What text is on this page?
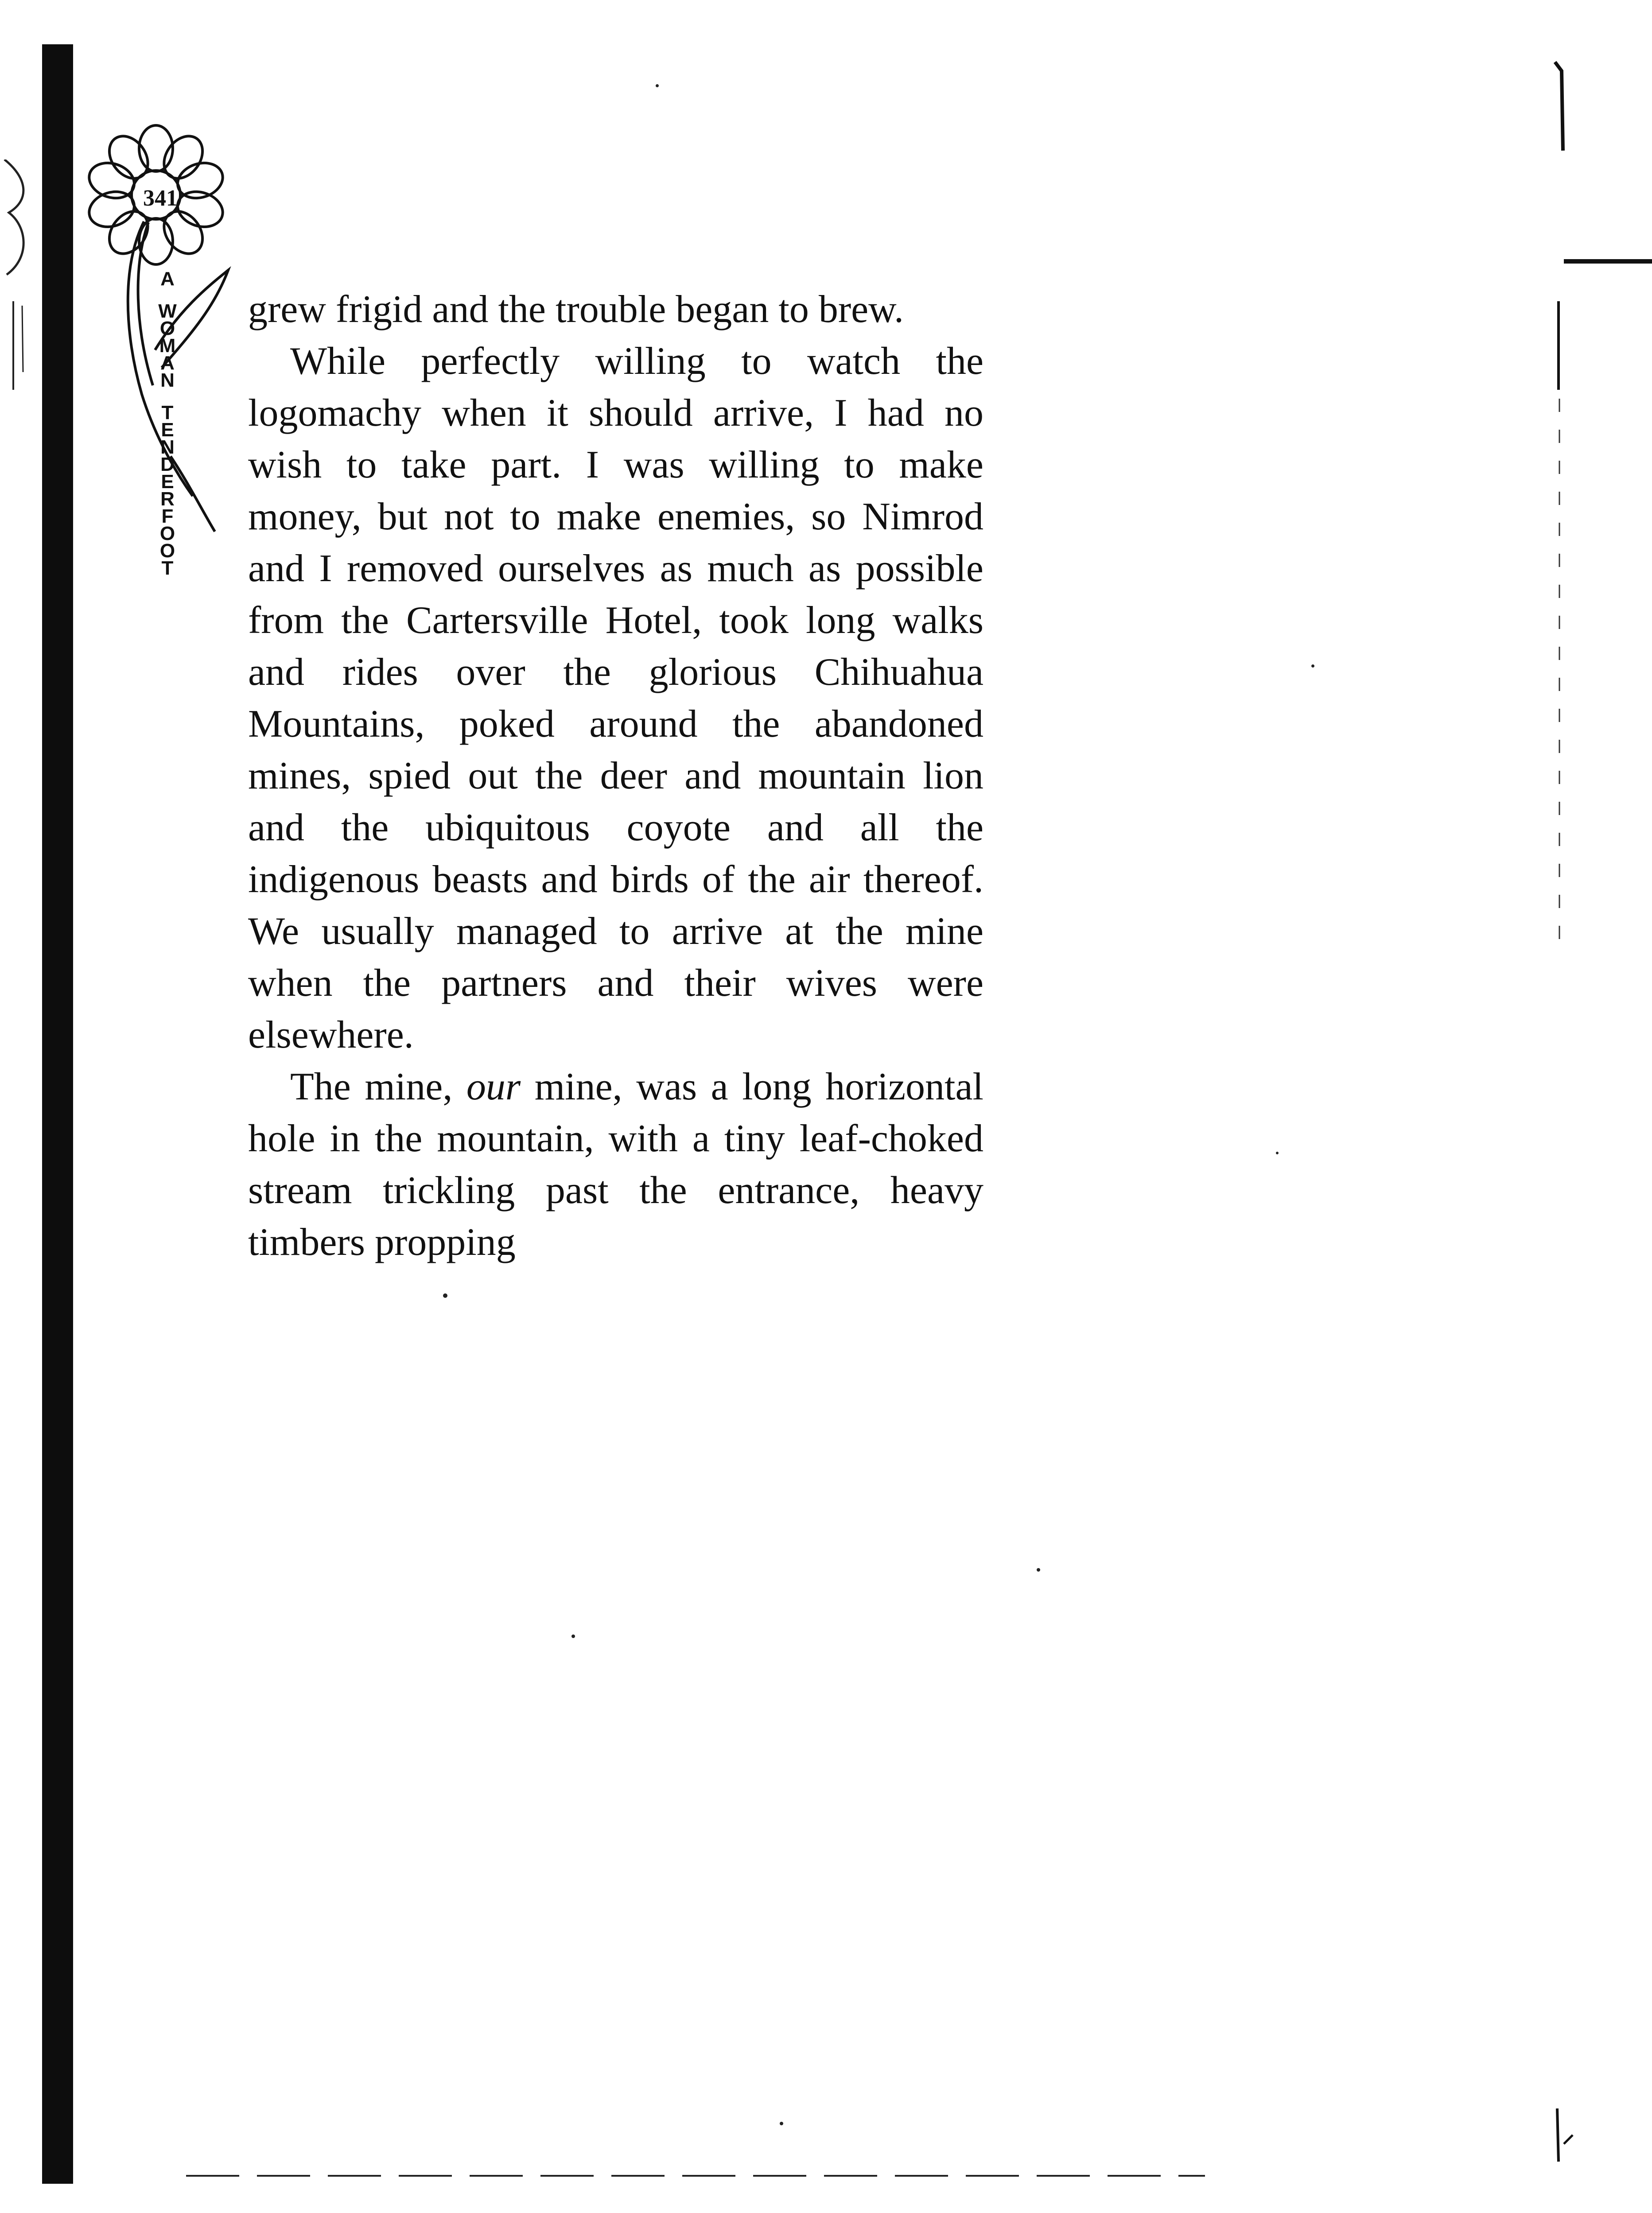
341
A
W
O
M
A
N
T
E
N
D
E
R
F
O
O
T

grew frigid and the trouble began to brew.

While perfectly willing to watch the logomachy when it should arrive, I had no wish to take part. I was willing to make money, but not to make enemies, so Nimrod and I removed ourselves as much as possible from the Cartersville Hotel, took long walks and rides over the glorious Chihuahua Mountains, poked around the abandoned mines, spied out the deer and mountain lion and the ubiquitous coyote and all the indigenous beasts and birds of the air thereof. We usually managed to arrive at the mine when the partners and their wives were elsewhere.

The mine, our mine, was a long horizontal hole in the mountain, with a tiny leaf-choked stream trickling past the entrance, heavy timbers propping
